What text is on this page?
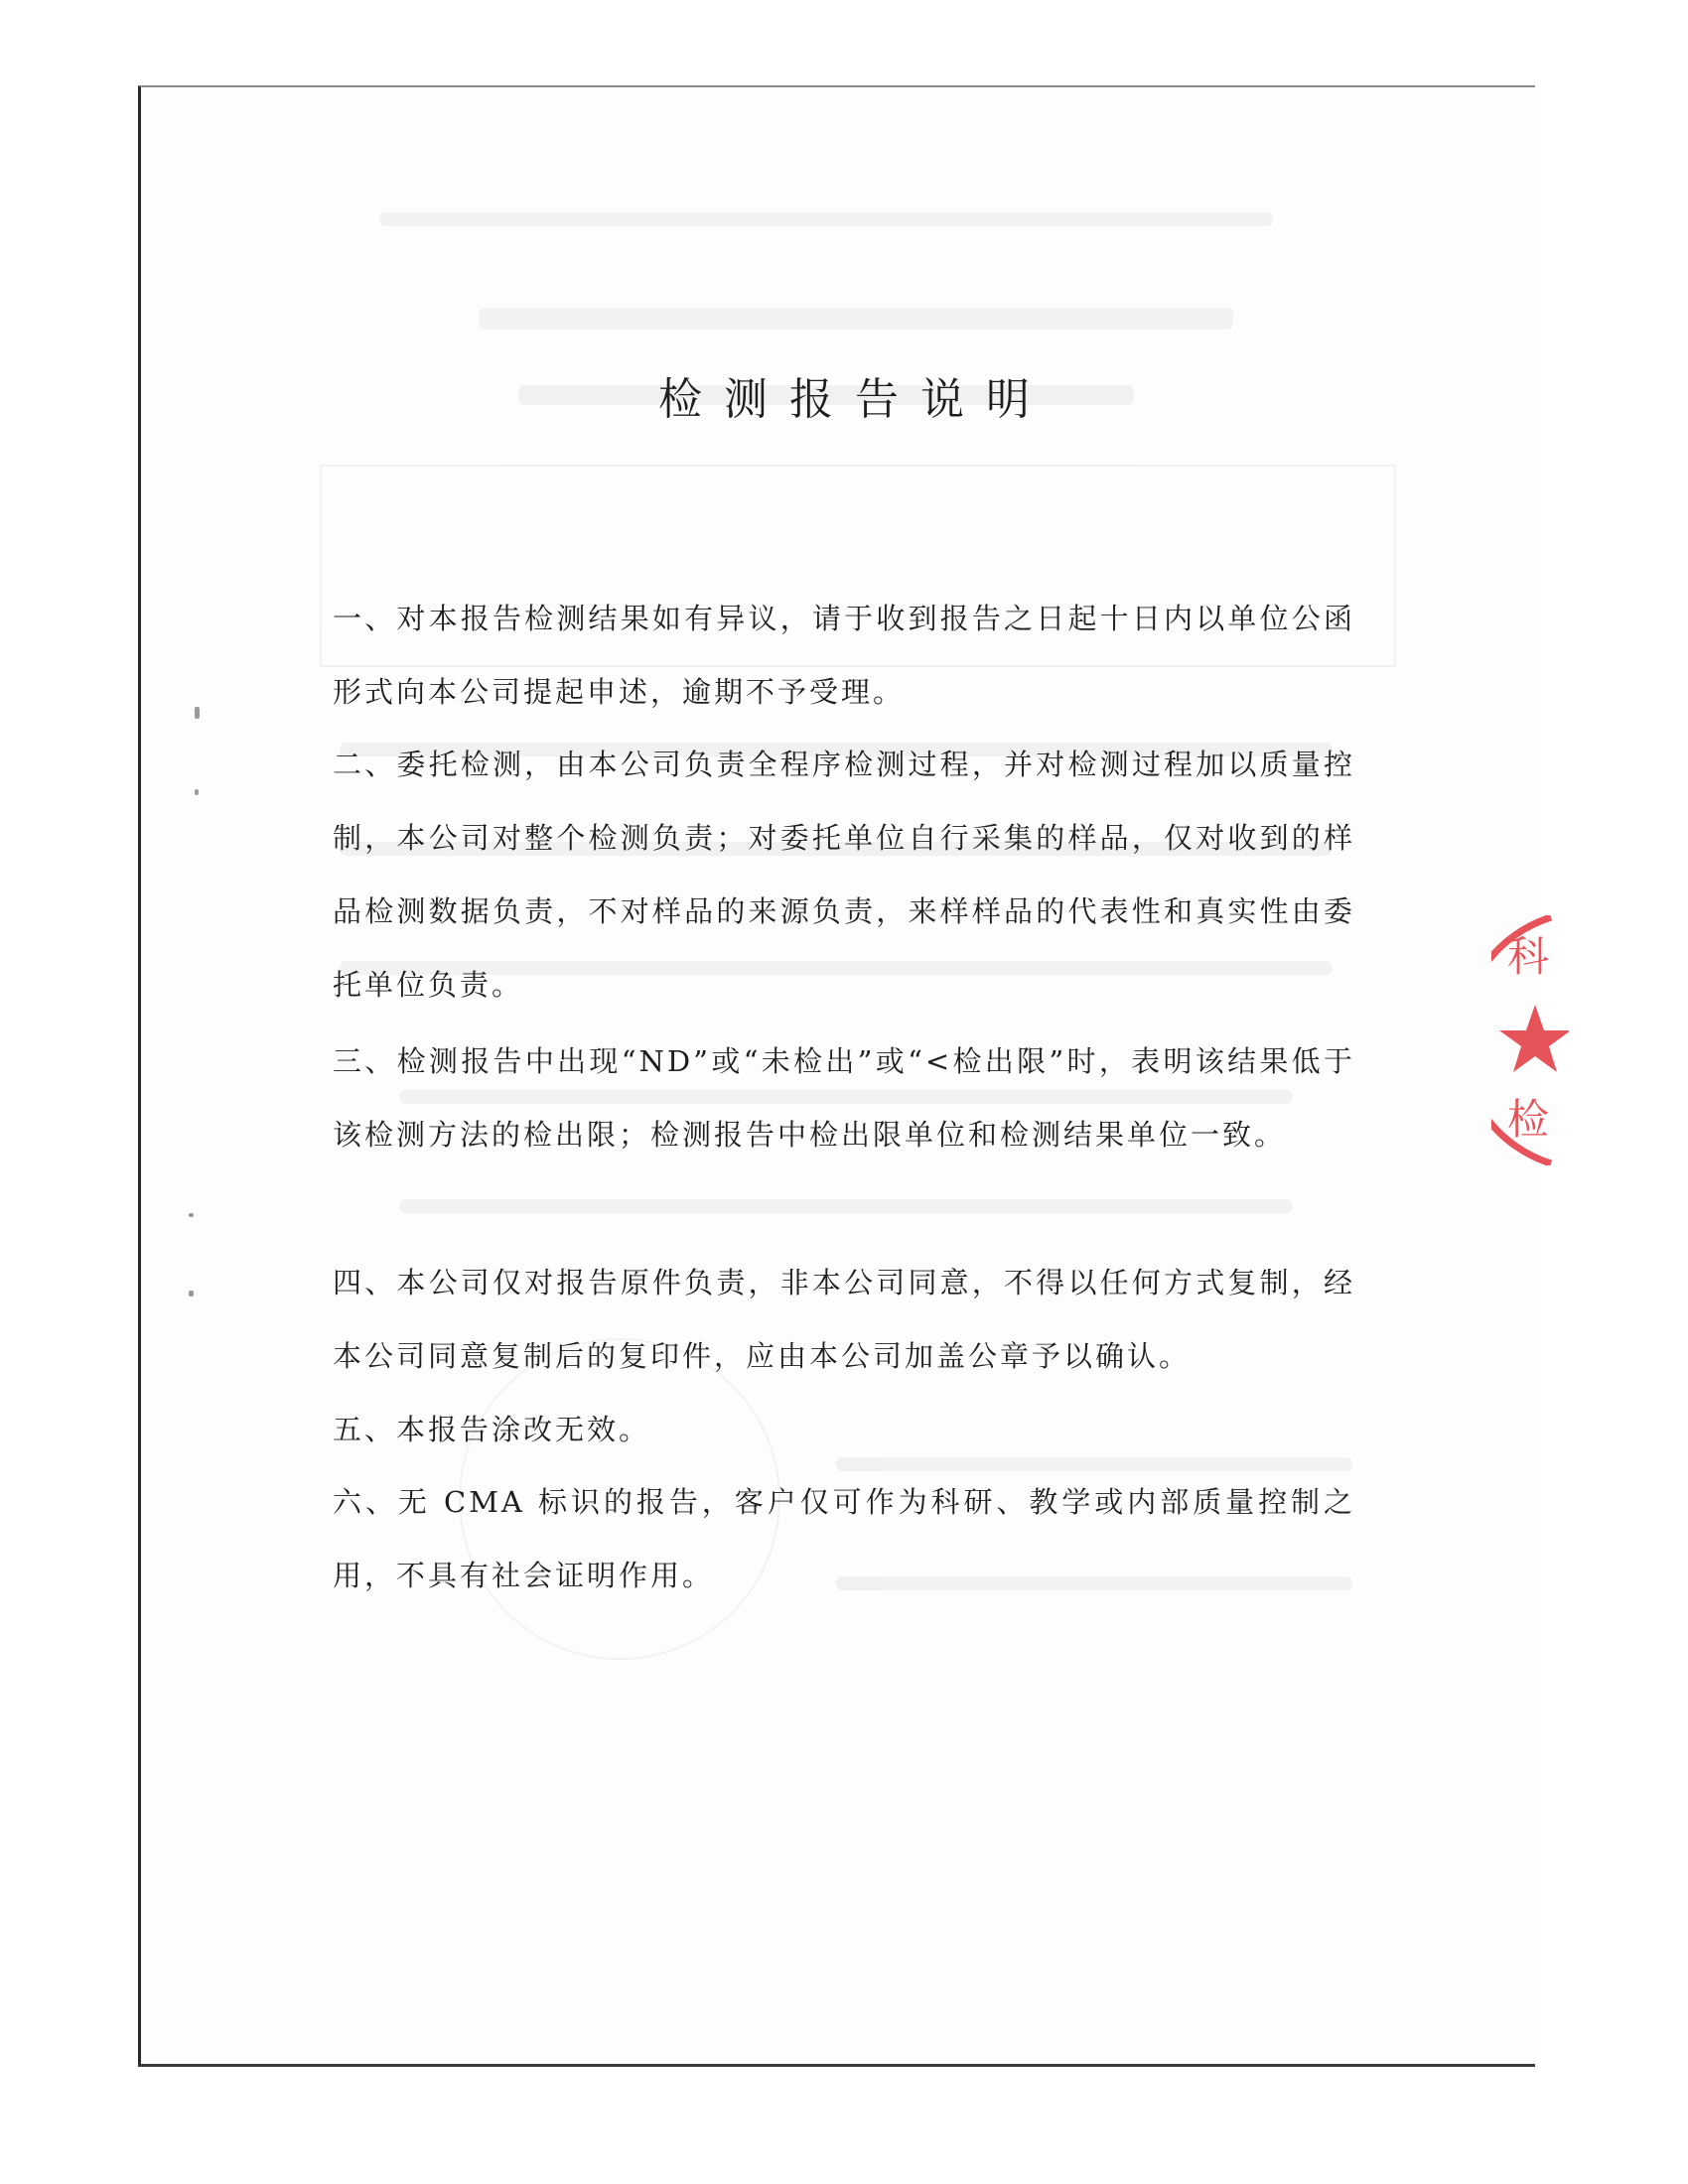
检测报告说明

一、对本报告检测结果如有异议，请于收到报告之日起十日内以单位公函形式向本公司提起申述，逾期不予受理。

二、委托检测，由本公司负责全程序检测过程，并对检测过程加以质量控制，本公司对整个检测负责；对委托单位自行采集的样品，仅对收到的样品检测数据负责，不对样品的来源负责，来样样品的代表性和真实性由委托单位负责。

三、检测报告中出现“ND”或“未检出”或“<检出限”时，表明该结果低于该检测方法的检出限；检测报告中检出限单位和检测结果单位一致。

四、本公司仅对报告原件负责，非本公司同意，不得以任何方式复制，经本公司同意复制后的复印件，应由本公司加盖公章予以确认。

五、本报告涂改无效。

六、无 CMA 标识的报告，客户仅可作为科研、教学或内部质量控制之用，不具有社会证明作用。

科
检
